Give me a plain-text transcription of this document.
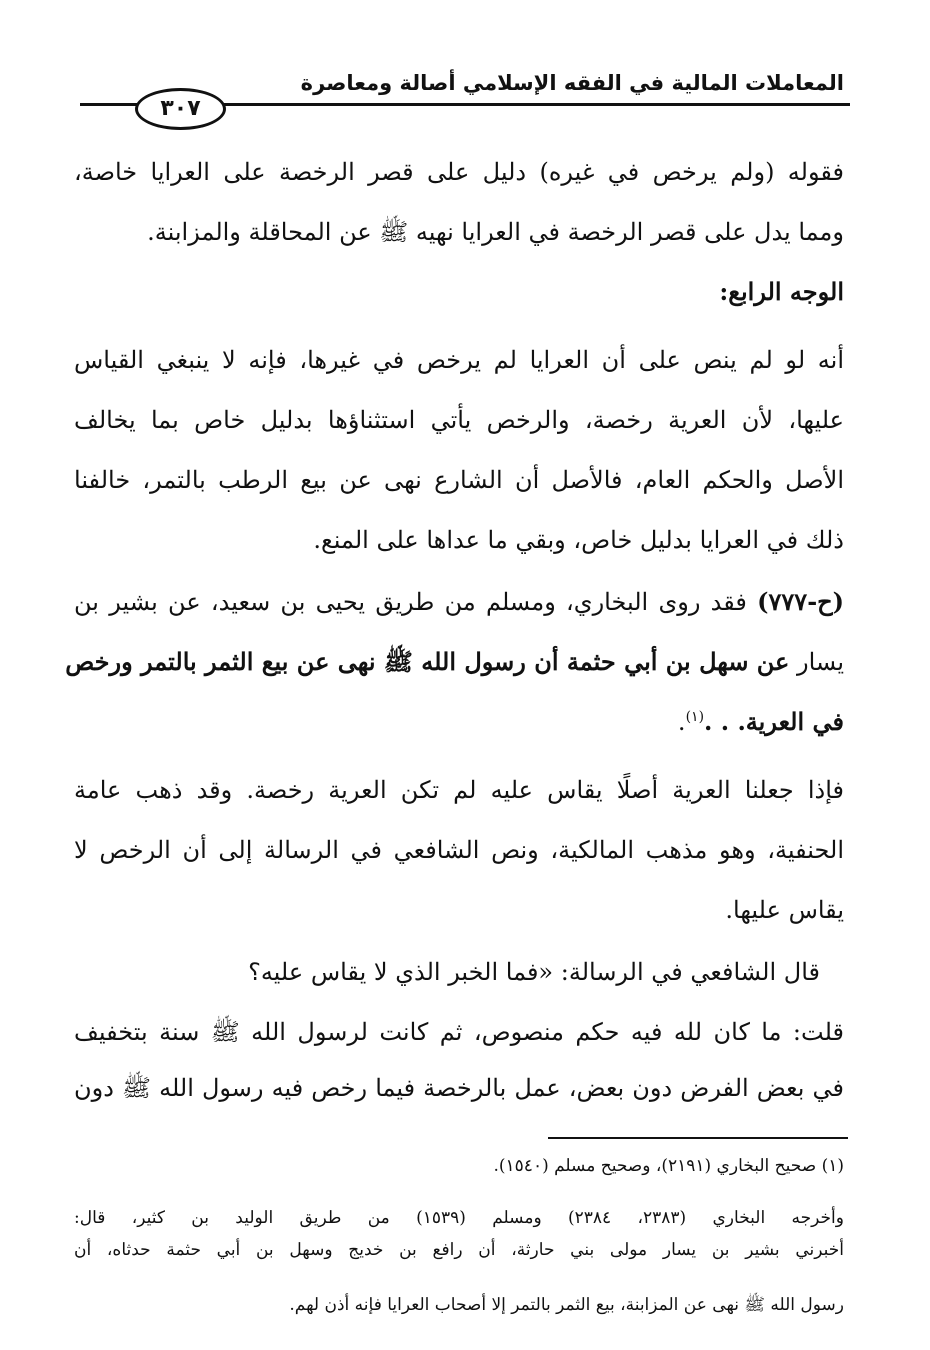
المعاملات المالية في الفقه الإسلامي أصالة ومعاصرة
٣٠٧
فقوله (ولم يرخص في غيره) دليل على قصر الرخصة على العرايا خاصة،
ومما يدل على قصر الرخصة في العرايا نهيه ﷺ عن المحاقلة والمزابنة.
الوجه الرابع:
أنه لو لم ينص على أن العرايا لم يرخص في غيرها، فإنه لا ينبغي القياس
عليها، لأن العرية رخصة، والرخص يأتي استثناؤها بدليل خاص بما يخالف
الأصل والحكم العام، فالأصل أن الشارع نهى عن بيع الرطب بالتمر، خالفنا
ذلك في العرايا بدليل خاص، وبقي ما عداها على المنع.
(ح-٧٧٧) فقد روى البخاري، ومسلم من طريق يحيى بن سعيد، عن بشير بن
يسار عن سهل بن أبي حثمة أن رسول الله ﷺ نهى عن بيع الثمر بالتمر ورخص
في العرية. . .$^{(١)}$.
فإذا جعلنا العرية أصلًا يقاس عليه لم تكن العرية رخصة. وقد ذهب عامة
الحنفية، وهو مذهب المالكية، ونص الشافعي في الرسالة إلى أن الرخص لا
يقاس عليها.
قال الشافعي في الرسالة: «فما الخبر الذي لا يقاس عليه؟
قلت: ما كان لله فيه حكم منصوص، ثم كانت لرسول الله ﷺ سنة بتخفيف
في بعض الفرض دون بعض، عمل بالرخصة فيما رخص فيه رسول الله ﷺ دون
(١) صحيح البخاري (٢١٩١)، وصحيح مسلم (١٥٤٠).
وأخرجه البخاري (٢٣٨٣، ٢٣٨٤) ومسلم (١٥٣٩) من طريق الوليد بن كثير، قال:
أخبرني بشير بن يسار مولى بني حارثة، أن رافع بن خديج وسهل بن أبي حثمة حدثاه، أن
رسول الله ﷺ نهى عن المزابنة، بيع الثمر بالتمر إلا أصحاب العرايا فإنه أذن لهم.
